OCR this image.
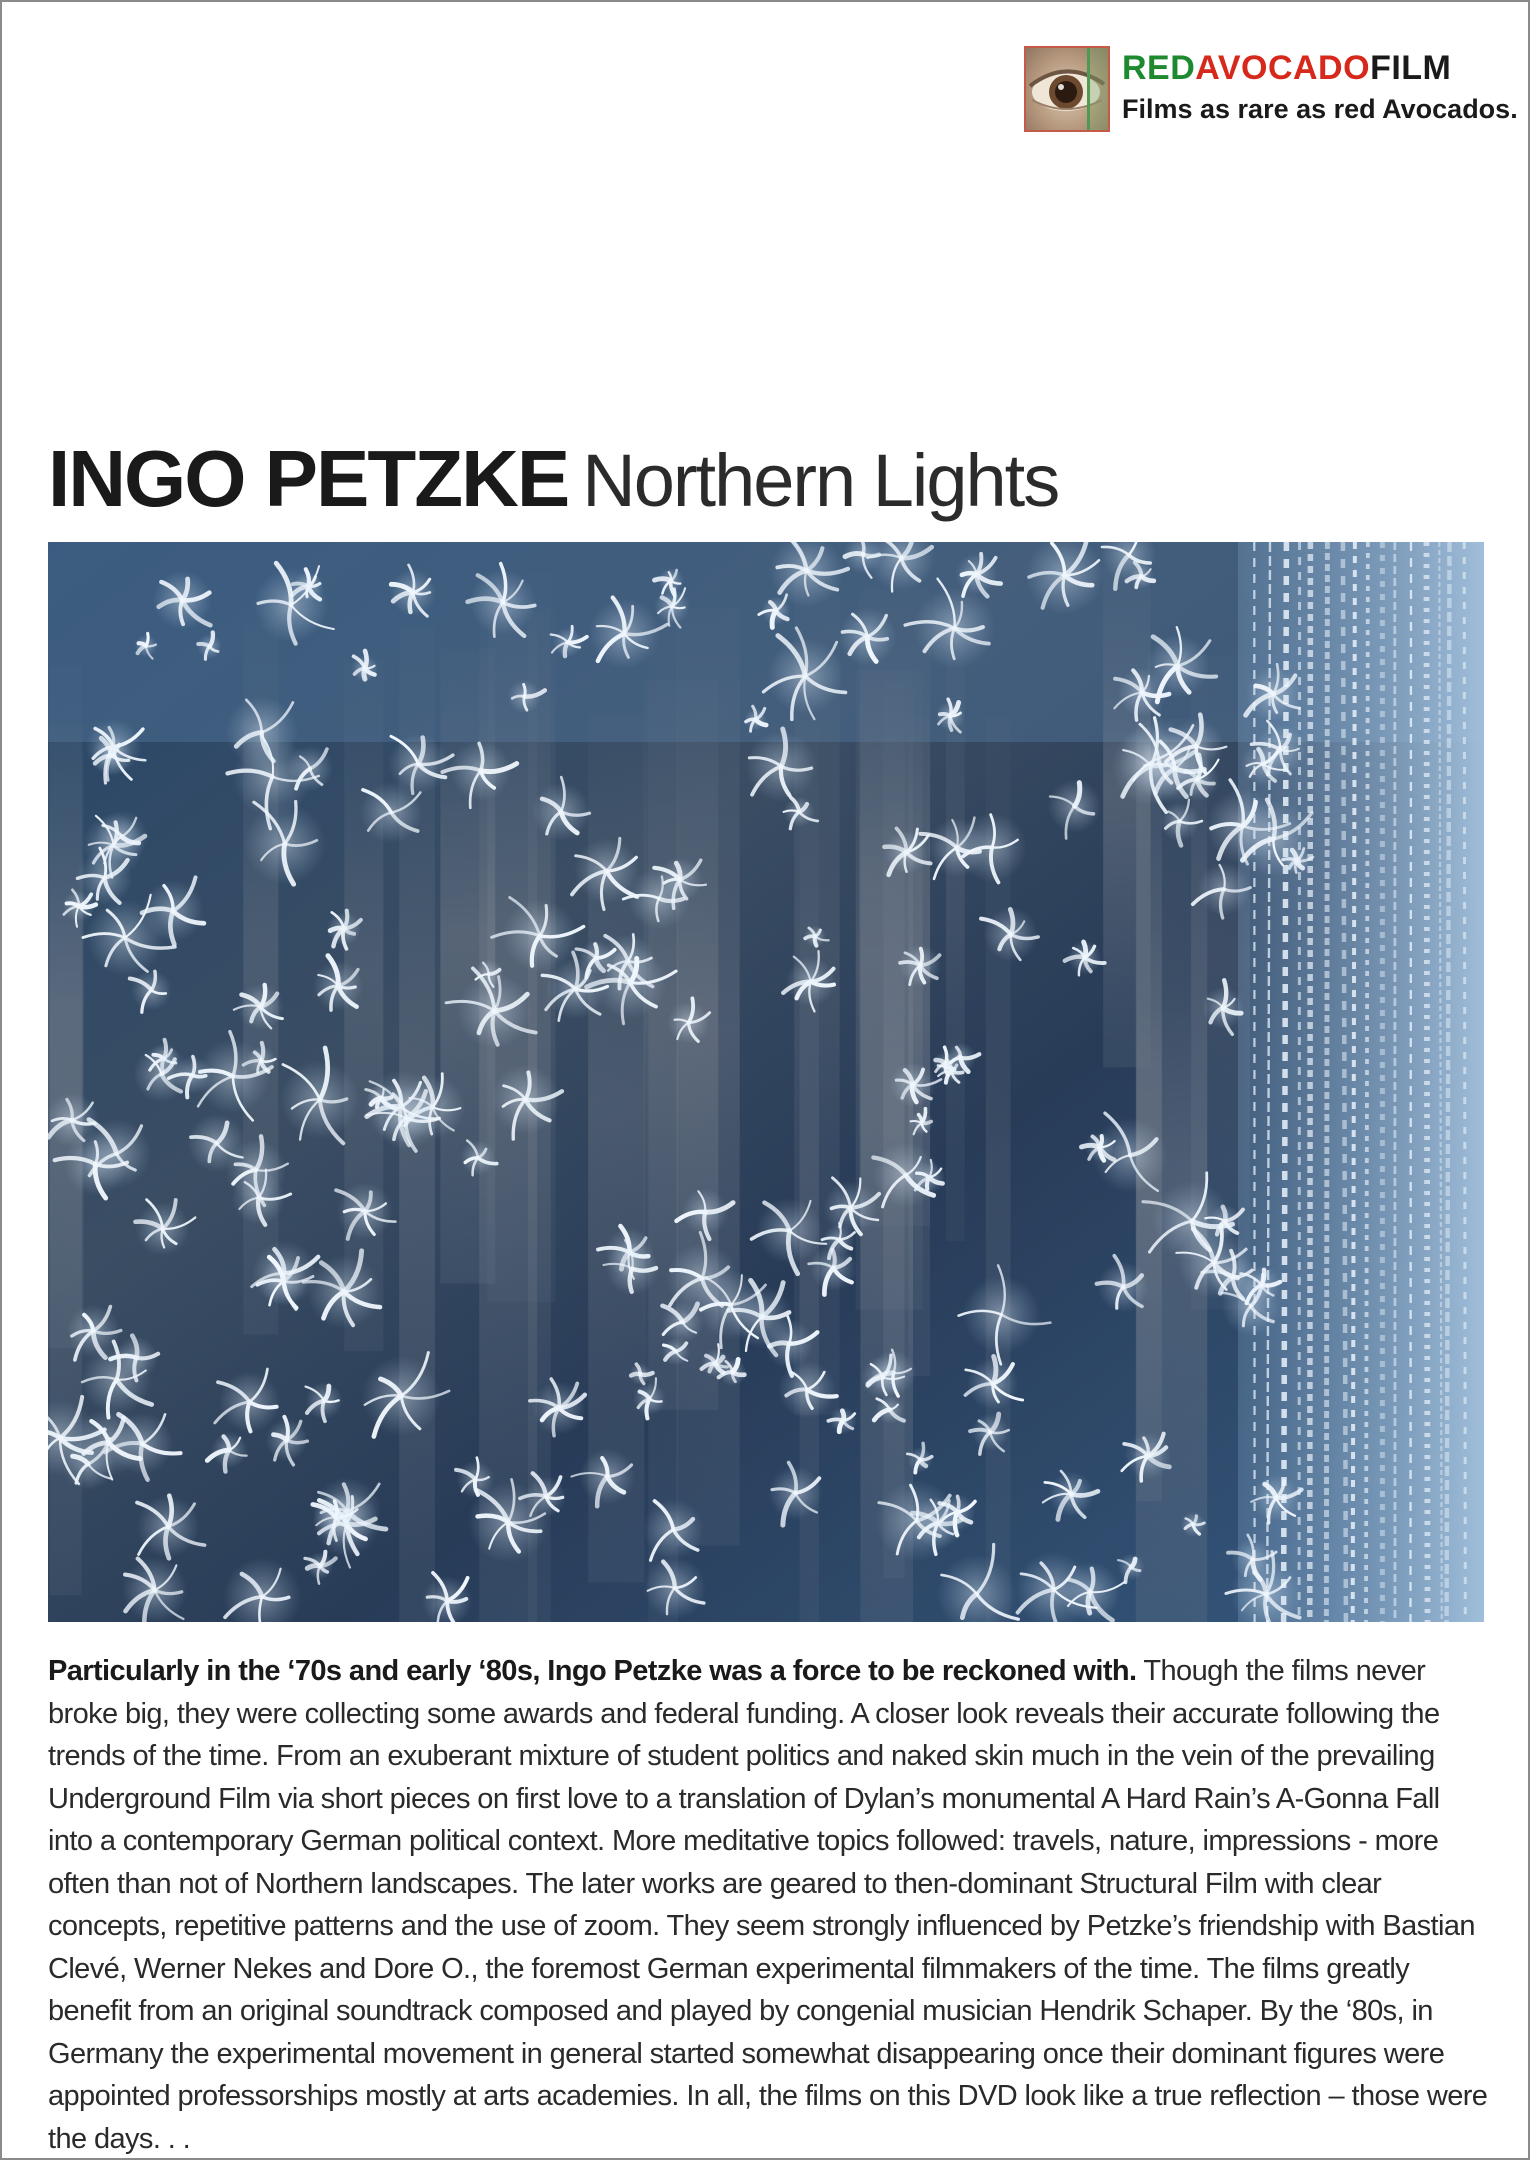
REDAVOCADOFILM
Films as rare as red Avocados.
INGO PETZKE Northern Lights
Particularly in the ‘70s and early ‘80s, Ingo Petzke was a force to be reckoned with. Though the films never broke big, they were collecting some awards and federal funding. A closer look reveals their accurate following the trends of the time. From an exuberant mixture of student politics and naked skin much in the vein of the prevailing Underground Film via short pieces on first love to a translation of Dylan’s monumental A Hard Rain’s A-Gonna Fall into a contemporary German political context. More meditative topics followed: travels, nature, impressions - more often than not of Northern landscapes. The later works are geared to then-dominant Structural Film with clear concepts, repetitive patterns and the use of zoom. They seem strongly influenced by Petzke’s friendship with Bastian Clevé, Werner Nekes and Dore O., the foremost German experimental filmmakers of the time. The films greatly benefit from an original soundtrack composed and played by congenial musician Hendrik Schaper. By the ‘80s, in Germany the experimental movement in general started somewhat disappearing once their dominant figures were appointed professorships mostly at arts academies. In all, the films on this DVD look like a true reflection – those were the days. . .
